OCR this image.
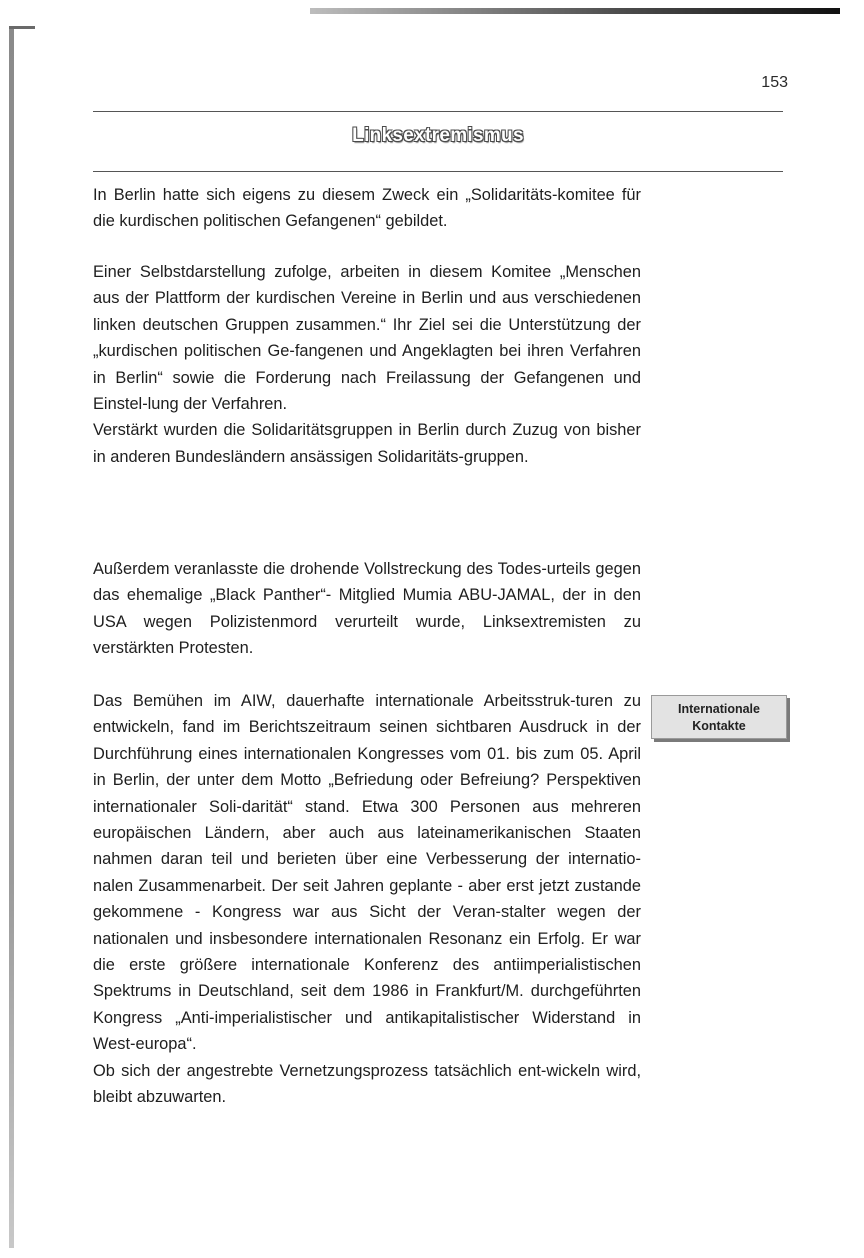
153
Linksextremismus

In Berlin hatte sich eigens zu diesem Zweck ein „Solidaritäts-komitee für die kurdischen politischen Gefangenen“ gebildet.

Einer Selbstdarstellung zufolge, arbeiten in diesem Komitee „Menschen aus der Plattform der kurdischen Vereine in Berlin und aus verschiedenen linken deutschen Gruppen zusammen.“ Ihr Ziel sei die Unterstützung der „kurdischen politischen Ge-fangenen und Angeklagten bei ihren Verfahren in Berlin“ sowie die Forderung nach Freilassung der Gefangenen und Einstel-lung der Verfahren.

Verstärkt wurden die Solidaritätsgruppen in Berlin durch Zuzug von bisher in anderen Bundesländern ansässigen Solidaritäts-gruppen.

Außerdem veranlasste die drohende Vollstreckung des Todes-urteils gegen das ehemalige „Black Panther“- Mitglied Mumia ABU-JAMAL, der in den USA wegen Polizistenmord verurteilt wurde, Linksextremisten zu verstärkten Protesten.

Das Bemühen im AIW, dauerhafte internationale Arbeitsstruk-turen zu entwickeln, fand im Berichtszeitraum seinen sichtbaren Ausdruck in der Durchführung eines internationalen Kongresses vom 01. bis zum 05. April in Berlin, der unter dem Motto „Befriedung oder Befreiung? Perspektiven internationaler Soli-darität“ stand. Etwa 300 Personen aus mehreren europäischen Ländern, aber auch aus lateinamerikanischen Staaten nahmen daran teil und berieten über eine Verbesserung der internatio-nalen Zusammenarbeit. Der seit Jahren geplante - aber erst jetzt zustande gekommene - Kongress war aus Sicht der Veran-stalter wegen der nationalen und insbesondere internationalen Resonanz ein Erfolg. Er war die erste größere internationale Konferenz des antiimperialistischen Spektrums in Deutschland, seit dem 1986 in Frankfurt/M. durchgeführten Kongress „Anti-imperialistischer und antikapitalistischer Widerstand in West-europa“.

Ob sich der angestrebte Vernetzungsprozess tatsächlich ent-wickeln wird, bleibt abzuwarten.

Internationale
Kontakte
